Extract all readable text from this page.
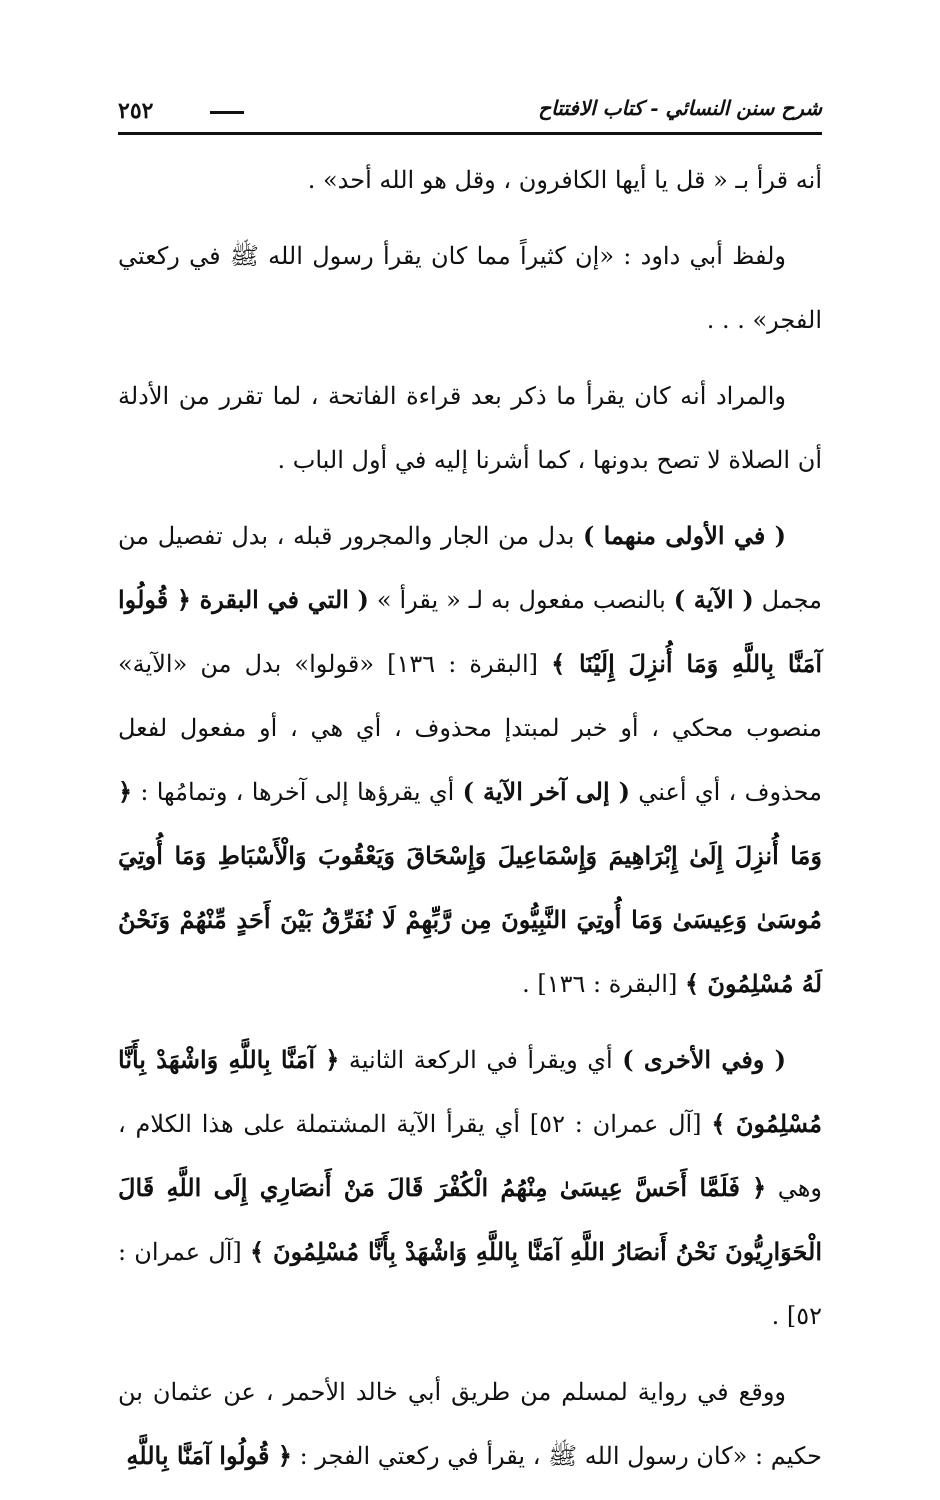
شرح سنن النسائي - كتاب الافتتاح
٢٥٢

أنه قرأ بـ « قل يا أيها الكافرون ، وقل هو الله أحد» .

ولفظ أبي داود : «إن كثيراً مما كان يقرأ رسول الله ﷺ في ركعتي الفجر» . . .

والمراد أنه كان يقرأ ما ذكر بعد قراءة الفاتحة ، لما تقرر من الأدلة أن الصلاة لا تصح بدونها ، كما أشرنا إليه في أول الباب .

( في الأولى منهما ) بدل من الجار والمجرور قبله ، بدل تفصيل من مجمل ( الآية ) بالنصب مفعول به لـ « يقرأ » ( التي في البقرة ﴿ قُولُوا آمَنَّا بِاللَّهِ وَمَا أُنزِلَ إِلَيْنَا ﴾ [البقرة : ١٣٦] «قولوا» بدل من «الآية» منصوب محكي ، أو خبر لمبتدإ محذوف ، أي هي ، أو مفعول لفعل محذوف ، أي أعني ( إلى آخر الآية ) أي يقرؤها إلى آخرها ، وتمامُها : ﴿ وَمَا أُنزِلَ إِلَىٰ إِبْرَاهِيمَ وَإِسْمَاعِيلَ وَإِسْحَاقَ وَيَعْقُوبَ وَالْأَسْبَاطِ وَمَا أُوتِيَ مُوسَىٰ وَعِيسَىٰ وَمَا أُوتِيَ النَّبِيُّونَ مِن رَّبِّهِمْ لَا نُفَرِّقُ بَيْنَ أَحَدٍ مِّنْهُمْ وَنَحْنُ لَهُ مُسْلِمُونَ ﴾ [البقرة : ١٣٦] .

( وفي الأخرى ) أي ويقرأ في الركعة الثانية ﴿ آمَنَّا بِاللَّهِ وَاشْهَدْ بِأَنَّا مُسْلِمُونَ ﴾ [آل عمران : ٥٢] أي يقرأ الآية المشتملة على هذا الكلام ، وهي ﴿ فَلَمَّا أَحَسَّ عِيسَىٰ مِنْهُمُ الْكُفْرَ قَالَ مَنْ أَنصَارِي إِلَى اللَّهِ قَالَ الْحَوَارِيُّونَ نَحْنُ أَنصَارُ اللَّهِ آمَنَّا بِاللَّهِ وَاشْهَدْ بِأَنَّا مُسْلِمُونَ ﴾ [آل عمران : ٥٢] .

ووقع في رواية لمسلم من طريق أبي خالد الأحمر ، عن عثمان بن حكيم : «كان رسول الله ﷺ ، يقرأ في ركعتي الفجر : ﴿ قُولُوا آمَنَّا بِاللَّهِ
